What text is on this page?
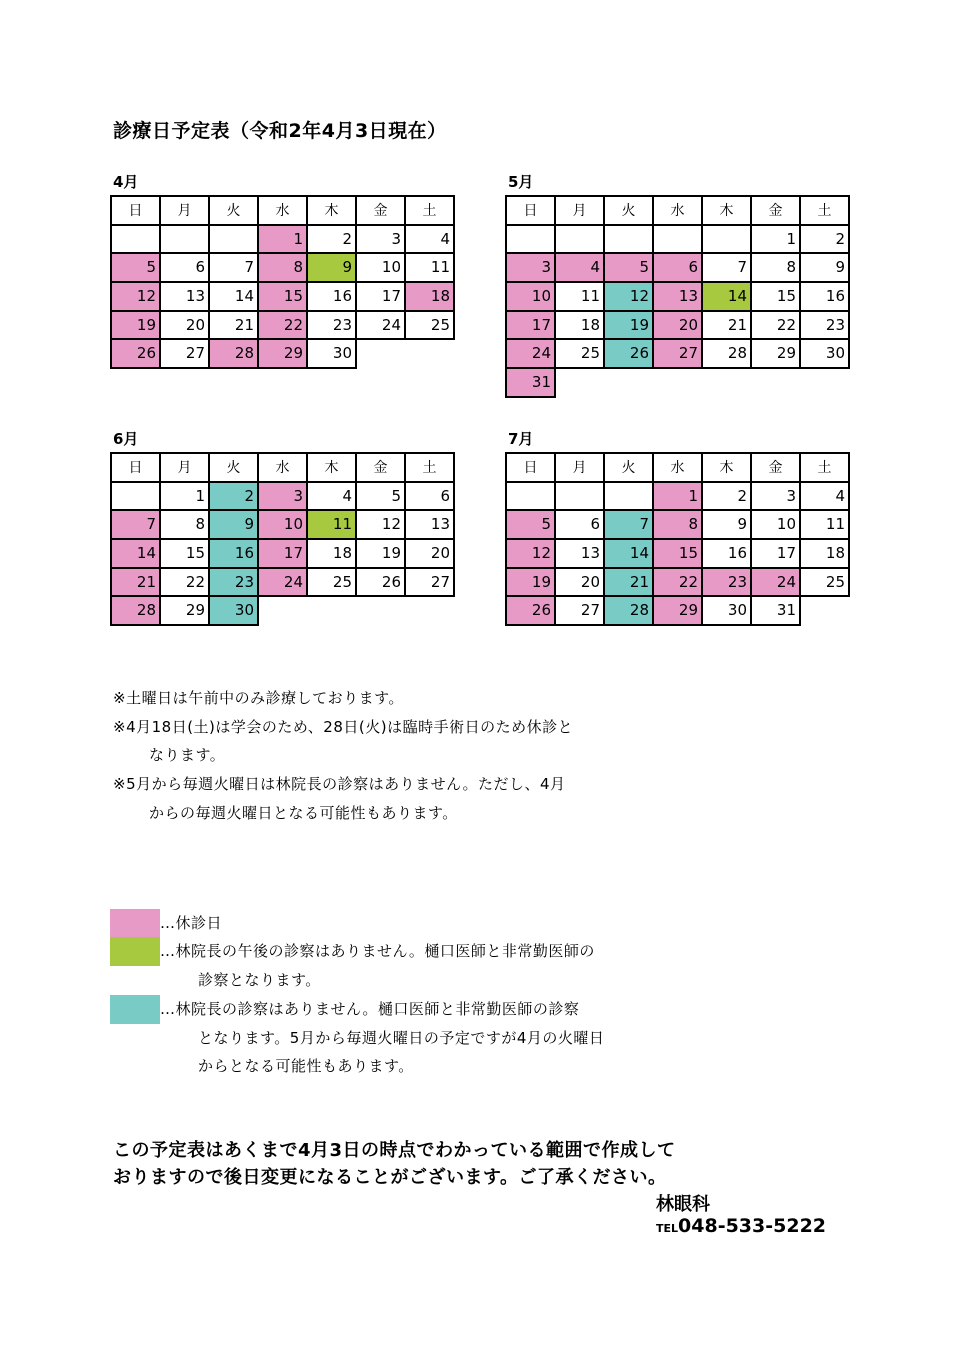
診療日予定表（令和2年4月3日現在）
4月
日	月	火	水	木	金	土
			1	2	3	4
5	6	7	8	9	10	11
12	13	14	15	16	17	18
19	20	21	22	23	24	25
26	27	28	29	30		
5月
日	月	火	水	木	金	土
					1	2
3	4	5	6	7	8	9
10	11	12	13	14	15	16
17	18	19	20	21	22	23
24	25	26	27	28	29	30
31						
6月
日	月	火	水	木	金	土
	1	2	3	4	5	6
7	8	9	10	11	12	13
14	15	16	17	18	19	20
21	22	23	24	25	26	27
28	29	30				
7月
日	月	火	水	木	金	土
			1	2	3	4
5	6	7	8	9	10	11
12	13	14	15	16	17	18
19	20	21	22	23	24	25
26	27	28	29	30	31	
※土曜日は午前中のみ診療しております。
※4月18日(土)は学会のため、28日(火)は臨時手術日のため休診と
なります。
※5月から毎週火曜日は林院長の診察はありません。ただし、4月
からの毎週火曜日となる可能性もあります。
…休診日
…林院長の午後の診察はありません。樋口医師と非常勤医師の
診察となります。
…林院長の診察はありません。樋口医師と非常勤医師の診察
となります。5月から毎週火曜日の予定ですが4月の火曜日
からとなる可能性もあります。
この予定表はあくまで4月3日の時点でわかっている範囲で作成して
おりますので後日変更になることがございます。ご了承ください。
林眼科
TEL048-533-5222
